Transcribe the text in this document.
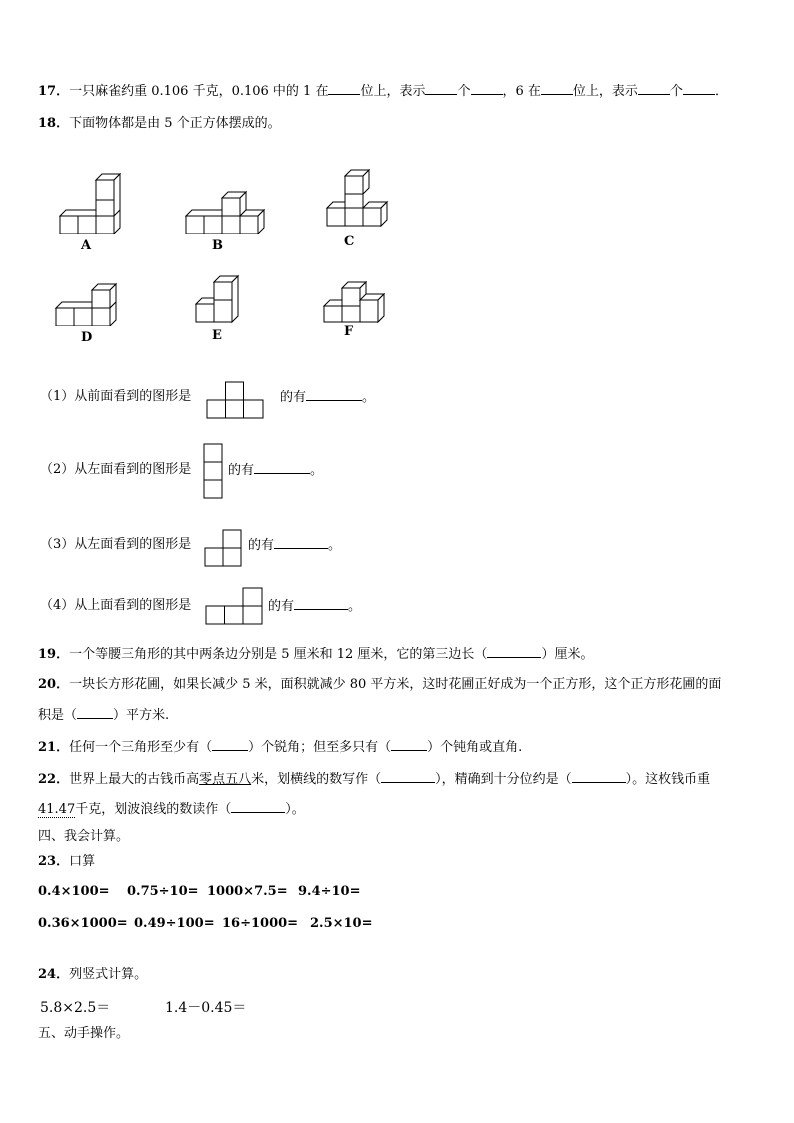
17．一只麻雀约重 0.106 千克，0.106 中的 1 在 位上，表示 个 ，6 在 位上，表示 个 ．
18．下面物体都是由 5 个正方体摆成的。
A	B	C
D	E	F
（1）从前面看到的图形是	的有	。
（2）从左面看到的图形是	的有	。
（3）从左面看到的图形是	的有	。
（4）从上面看到的图形是	的有	。
19．一个等腰三角形的其中两条边分别是 5 厘米和 12 厘米，它的第三边长（	）厘米。
20．一块长方形花圃，如果长减少 5 米，面积就减少 80 平方米，这时花圃正好成为一个正方形，这个正方形花圃的面
积是（	）平方米.
21．任何一个三角形至少有（	）个锐角；但至多只有（	）个钝角或直角.
22．世界上最大的古钱币高零点五八米，划横线的数写作（	），精确到十分位约是（	）。这枚钱币重
41.47千克，划波浪线的数读作（	）。
四、我会计算。
23．口算
0.4×100= 0.75÷10= 1000×7.5= 9.4÷10=
0.36×1000= 0.49÷100= 16÷1000= 2.5×10=
24．列竖式计算。
5.8×2.5＝	1.4－0.45＝
五、动手操作。
